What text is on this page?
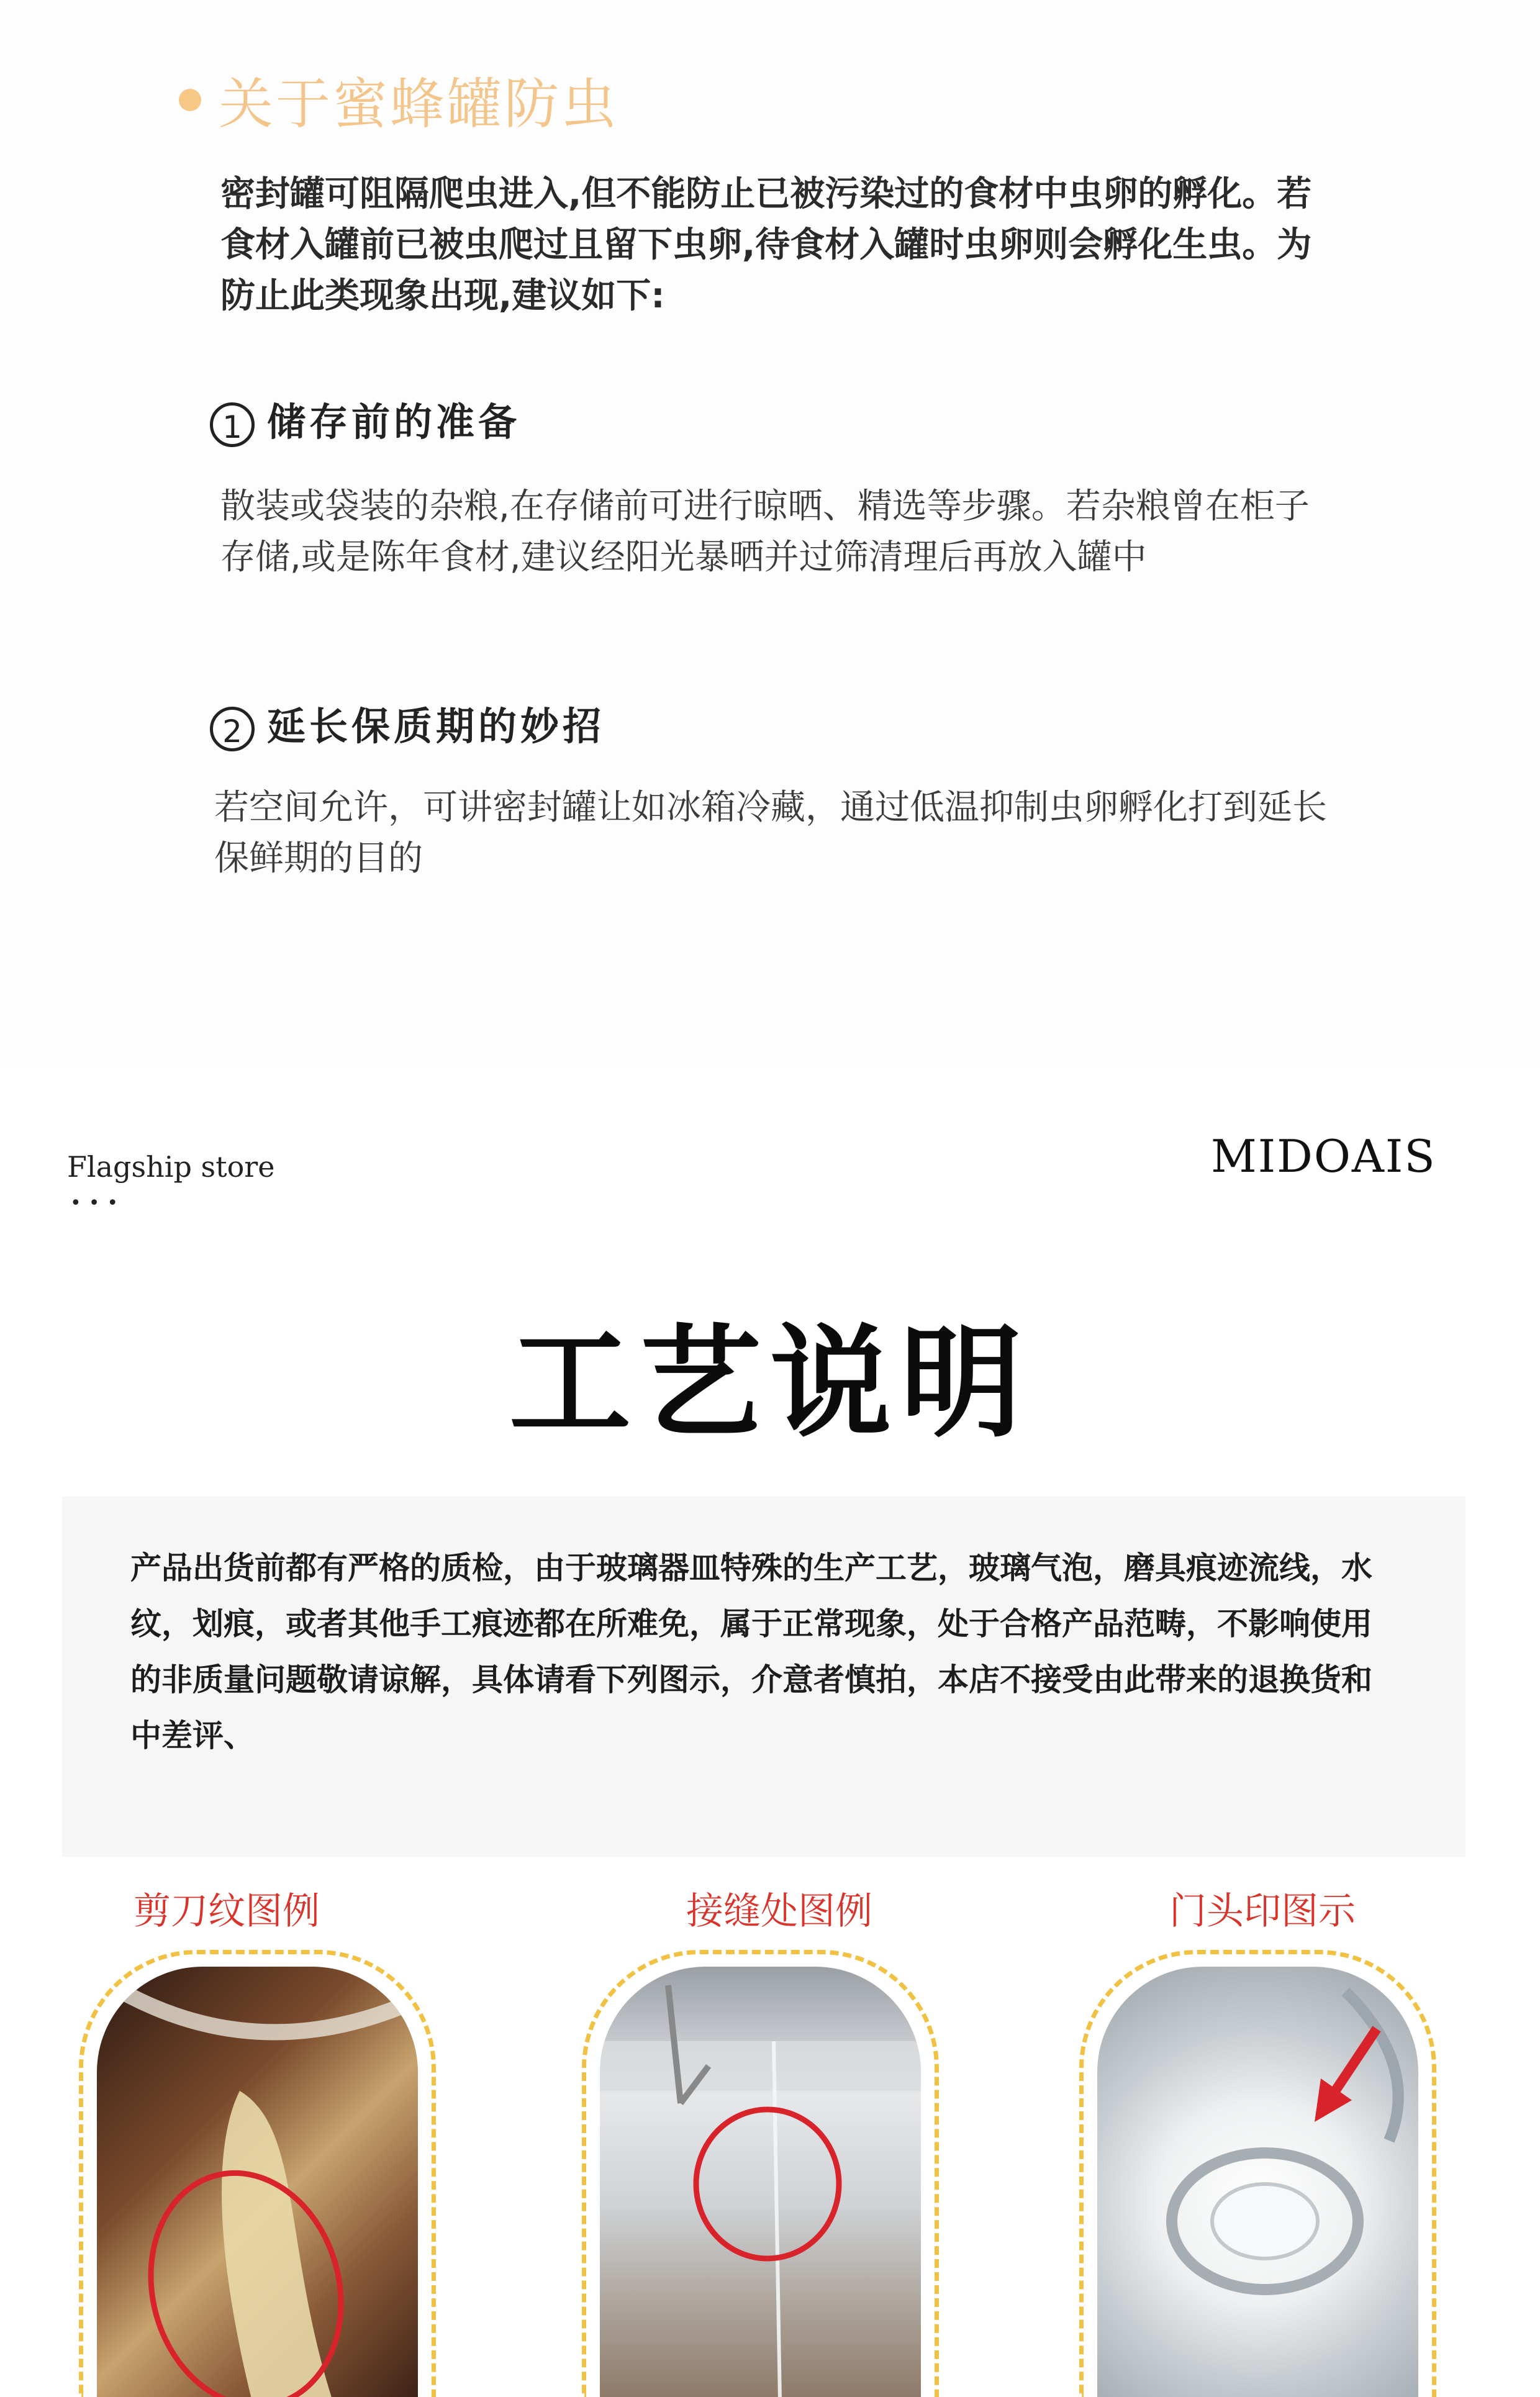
关于蜜蜂罐防虫
密封罐可阻隔爬虫进入,但不能防止已被污染过的食材中虫卵的孵化。若食材入罐前已被虫爬过且留下虫卵,待食材入罐时虫卵则会孵化生虫。为防止此类现象出现,建议如下:
1 储存前的准备
散装或袋装的杂粮,在存储前可进行晾晒、精选等步骤。若杂粮曾在柜子存储,或是陈年食材,建议经阳光暴晒并过筛清理后再放入罐中
2 延长保质期的妙招
若空间允许，可讲密封罐让如冰箱冷藏，通过低温抑制虫卵孵化打到延长保鲜期的目的
Flagship store
•••
MIDOAIS
工艺说明
产品出货前都有严格的质检，由于玻璃器皿特殊的生产工艺，玻璃气泡，磨具痕迹流线，水纹，划痕，或者其他手工痕迹都在所难免，属于正常现象，处于合格产品范畴，不影响使用的非质量问题敬请谅解，具体请看下列图示，介意者慎拍，本店不接受由此带来的退换货和中差评、
剪刀纹图例	接缝处图例	门头印图示
